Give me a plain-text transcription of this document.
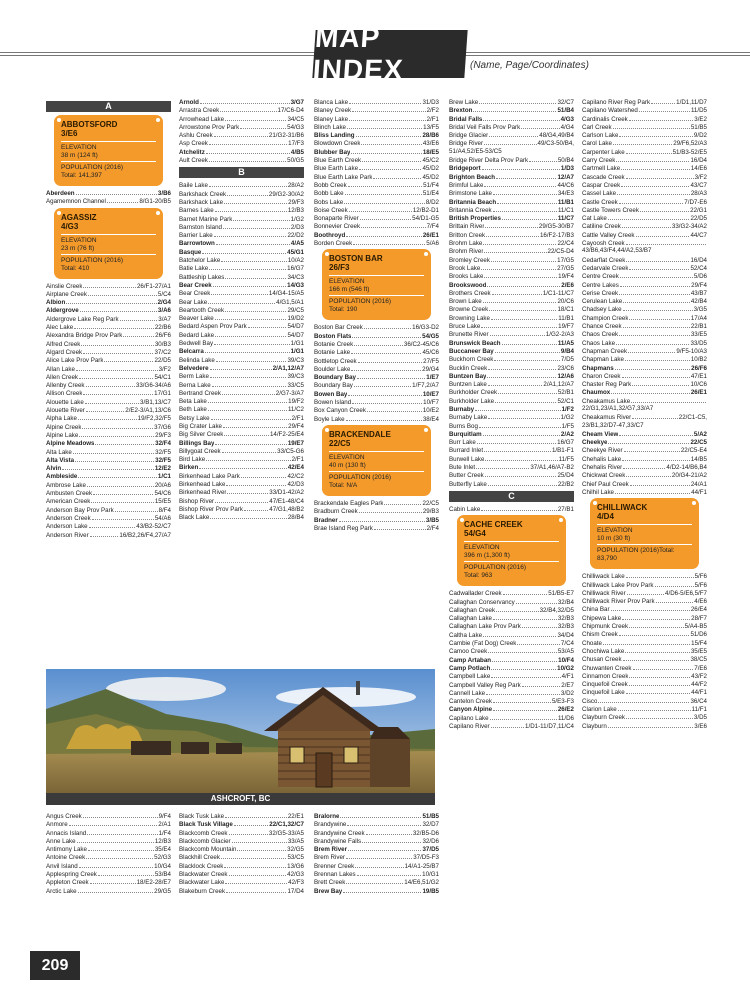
MAP INDEX	(Name, Page/Coordinates)
A
ABBOTSFORD
3/E6
ELEVATION
38 m (124 ft)
POPULATION (2016)
Total: 141,397
Aberdeen	3/B6
Agamemnon Channel	8/G1-20/B5
AGASSIZ
4/G3
ELEVATION
23 m (76 ft)
POPULATION (2016)
Total: 410
Ainslie Creek	26/F1-27/A1
Airplane Creek	5/C4
Albion	2/G4
Aldergrove	3/A6
Aldergrove Lake Reg Park	3/A7
Alec Lake	22/B6
Alexandra Bridge Prov Park	26/F6
Alfred Creek	30/B3
Algard Creek	37/C2
Alice Lake Prov Park	22/D5
Allan Lake	3/F2
Allen Creek	54/C1
Allenby Creek	33/G6-34/A6
Allison Creek	17/G1
Alouette Lake	3/B1,13/C7
Alouette River	2/E2-3/A1,13/C6
Alpha Lake	19/F2,32/F5
Alpine Creek	37/G6
Alpine Lake	29/F3
Alpine Meadows	32/F4
Alta Lake	32/F5
Alta Vista	32/F5
Alvin	12/E2
Ambleside	1/C1
Ambrose Lake	20/A6
Ambusten Creek	54/C6
American Creek	15/E5
Anderson Bay Prov Park	8/F4
Anderson Creek	54/A6
Anderson Lake	43/B2-52/C7
Anderson River	16/B2,26/F4,27/A7
Arnold	3/G7
Arrastra Creek	17/C6-D4
Arrowhead Lake	34/C5
Arrowstone Prov Park	54/G3
Ashlu Creek	21/G2-31/B6
Asp Creek	17/F3
Atchelitz	4/B5
Ault Creek	50/G5
B
Baile Lake	28/A2
Barkshack Creek	29/G2-30/A2
Barkshack Lake	29/F3
Barnes Lake	12/B3
Barnet Marine Park	1/G2
Barnston Island	2/D3
Barrier Lake	22/D2
Barrowtown	4/A5
Basque	45/G1
Batchelor Lake	10/A2
Batie Lake	16/G7
Battleship Lakes	34/C3
Bear Creek	14/G3
Bear Creek	14/G4-15/A5
Bear Lake	4/G1,5/A1
Beartooth Creek	29/C5
Beaver Lake	19/D2
Bedard Aspen Prov Park	54/D7
Bedard Lake	54/D7
Bedwell Bay	1/G1
Belcarra	1/G1
Belinda Lake	39/C3
Belvedere	2/A1,12/A7
Berm Lake	39/C3
Berna Lake	33/C5
Bertrand Creek	2/G7-3/A7
Beta Lake	19/F2
Beth Lake	11/C2
Betsy Lake	2/F1
Big Crater Lake	29/F4
Big Silver Creek	14/F2-25/E4
Billings Bay	19/E7
Billygoat Creek	33/C5-G6
Bird Lake	2/F1
Birken	42/E4
Birkenhead Lake Park	42/C2
Birkenhead Lake	42/D3
Birkenhead River	33/D1-42/A2
Bishop River	47/E1-48/C4
Bishop River Prov Park	47/G1,48/B2
Black Lake	28/B4
Blanca Lake	31/D3
Blaney Creek	2/F2
Blaney Lake	2/F1
Blinch Lake	13/F5
Bliss Landing	28/B6
Blowdown Creek	43/E6
Blubber Bay	18/E5
Blue Earth Creek	45/C2
Blue Earth Lake	45/D2
Blue Earth Lake Park	45/D2
Bobb Creek	51/F4
Bobb Lake	51/E4
Bobs Lake	8/D2
Boise Creek	12/B2-D1
Bonaparte River	54/D1-G5
Bonnevier Creek	7/F4
Boothroyd	26/E1
Borden Creek	5/A6
BOSTON BAR
26/F3
ELEVATION
166 m (546 ft)
POPULATION (2016)
Total: 190
Boston Bar Creek	16/G3-D2
Boston Flats	54/G5
Botanie Creek	36/C2-45/C6
Botanie Lake	45/C6
Bottletop Creek	27/F5
Boulder Lake	29/G4
Boundary Bay	1/E7
Boundary Bay	1/F7,2/A7
Bowen Bay	10/E7
Bowen Island	10/F7
Box Canyon Creek	10/E2
Boyle Lake	38/E4
BRACKENDALE
22/C5
ELEVATION
40 m (130 ft)
POPULATION (2016)
Total: N/A
Brackendale Eagles Park	22/C5
Bradburn Creek	29/B3
Bradner	3/B5
Brae Island Reg Park	2/F4
Brew Lake	32/C7
Brexton	51/B4
Bridal Falls	4/G3
Bridal Veil Falls Prov Park	4/G4
Bridge Glacier	48/G4,49/B4
Bridge River	49/C3-50/B4,
51/A4,52/E5-53/C5
Bridge River Delta Prov Park	50/B4
Bridgeport	1/D3
Brighton Beach	12/A7
Brimful Lake	44/C6
Brimstone Lake	34/E3
Britannia Beach	11/B1
Britannia Creek	11/C1
British Properties	11/C7
Brittain River	29/G5-30/B7
Britton Creek	16/F2-17/B3
Brohm Lake	22/C4
Brohm River	22/C5-D4
Bromley Creek	17/G5
Brook Lake	27/G5
Brooks Lake	19/F4
Brookswood	2/E6
Brothers Creek	1/C1-11/C7
Brown Lake	20/C6
Browne Creek	18/C1
Browning Lake	11/B1
Bruce Lake	19/F7
Brunette River	1/G2-2/A3
Brunswick Beach	11/A5
Buccaneer Bay	9/B4
Buckhorn Creek	7/D5
Bucklin Creek	23/C6
Buntzen Bay	12/A6
Buntzen Lake	2/A1,12/A7
Burkholder Creek	52/B1
Burkholder Lake	52/C1
Burnaby	1/F2
Burnaby Lake	1/G2
Burns Bog	1/F5
Burquitlam	2/A2
Burr Lake	16/G7
Burrard Inlet	1/B1-F1
Burwell Lake	11/F5
Bute Inlet	37/A1,46/A7-B2
Butter Creek	25/D4
Butterfly Lake	22/B2
C
Cabin Lake	27/B1
CACHE CREEK
54/G4
ELEVATION
396 m (1,300 ft)
POPULATION (2016)
Total: 963
Cadwallader Creek	51/B5-E7
Callaghan Conservancy	32/B4
Callaghan Creek	32/B4,32/D5
Callaghan Lake	32/B3
Callaghan Lake Prov Park	32/B3
Caltha Lake	34/D4
Cambie (Fat Dog) Creek	7/C4
Camoo Creek	53/A5
Camp Artaban	10/F4
Camp Potlach	10/G2
Campbell Lake	4/F1
Campbell Valley Reg Park	2/E7
Cannell Lake	3/D2
Cantelon Creek	5/E3-F3
Canyon Alpine	26/E2
Capilano Lake	11/D6
Capilano River	1/D1-11/D7,11/C4
Capilano River Reg Park	1/D1,11/D7
Capilano Watershed	11/D5
Cardinalis Creek	3/E2
Carl Creek	51/B5
Carlson Lake	9/D2
Carol Lake	29/F6,52/A3
Carpenter Lake	51/B3-52/E5
Carry Creek	16/D4
Cartmell Lake	14/E6
Cascade Creek	3/F2
Caspar Creek	43/C7
Cassel Lake	28/A3
Castle Creek	7/D7-E6
Castle Towers Creek	22/G1
Cat Lake	22/D5
Catiline Creek	33/G2-34/A2
Cattle Valley Creek	44/C7
Cayoosh Creek
43/B6,43/F4,44/A2,53/B7
Cedarflat Creek	16/D4
Cedarvale Creek	52/C4
Centre Creek	5/D6
Centre Lakes	29/F4
Cerise Creek	43/B7
Cerulean Lake	42/B4
Chadsey Lake	3/G5
Champion Creek	17/A4
Chance Creek	22/B1
Chaos Creek	33/E5
Chaos Lake	33/D5
Chapman Creek	9/F5-10/A3
Chapman Lake	10/B2
Chapmans	26/F6
Charon Creek	47/E1
Chaster Reg Park	10/C6
Chaumox	26/E1
Cheakamus Lake
22/G1,23/A1,32/G7,33/A7
Cheakamus River	22/C1-C5,
23/B1,32/D7-47,33/C7
Cheam View	5/A2
Cheekye	22/C5
Cheekye River	22/C5-E4
Chehalis Lake	14/B5
Chehalis River	4/D2-14/B6,B4
Chickwat Creek	20/G4-21/A2
Chief Paul Creek	24/A1
Chilhil Lake	44/F1
CHILLIWACK
4/D4
ELEVATION
10 m (30 ft)
POPULATION (2016)Total:
83,790
Chilliwack Lake	5/F6
Chilliwack Lake Prov Park	5/F6
Chilliwack River	4/D6-5/E6,5/F7
Chilliwack River Prov Park	4/E6
China Bar	26/E4
Chipewa Lake	28/F7
Chipmunk Creek	5/A4-B5
Chism Creek	51/D6
Choate	15/F4
Chochiwa Lake	35/E5
Chusan Creek	38/C5
Chuwanten Creek	7/E6
Cinnamon Creek	43/F2
Cinquefoil Creek	44/F2
Cinquefoil Lake	44/F1
Cisco	36/C4
Clarion Lake	11/F1
Clayburn Creek	3/D5
Clayburn	3/E6
ASHCROFT, BC
Angus Creek	9/F4
Anmore	2/A1
Annacis Island	1/F4
Anne Lake	12/B3
Antimony Lake	35/E4
Antoine Creek	52/G3
Anvil Island	10/G4
Applespring Creek	53/B4
Appleton Creek	18/E2-28/E7
Arctic Lake	29/G5
Black Tusk Lake	22/E1
Black Tusk Village	22/C1,32/C7
Blackcomb Creek	32/G5-33/A5
Blackcomb Glacier	33/A5
Blackcomb Mountain	32/G5
Blackhill Creek	53/C5
Blacklock Creek	13/G6
Blackwater Creek	42/G3
Blackwater Lake	42/F3
Blakeburn Creek	17/D4
Bralorne	51/B5
Brandywine	32/D7
Brandywine Creek	32/B5-D6
Brandywine Falls	32/D6
Brem River	37/D5
Brem River	37/D5-F3
Brenner Creek	14/A1-25/B7
Brennan Lakes	10/G1
Brett Creek	14/E6,51/G2
Brew Bay	19/B5
209
